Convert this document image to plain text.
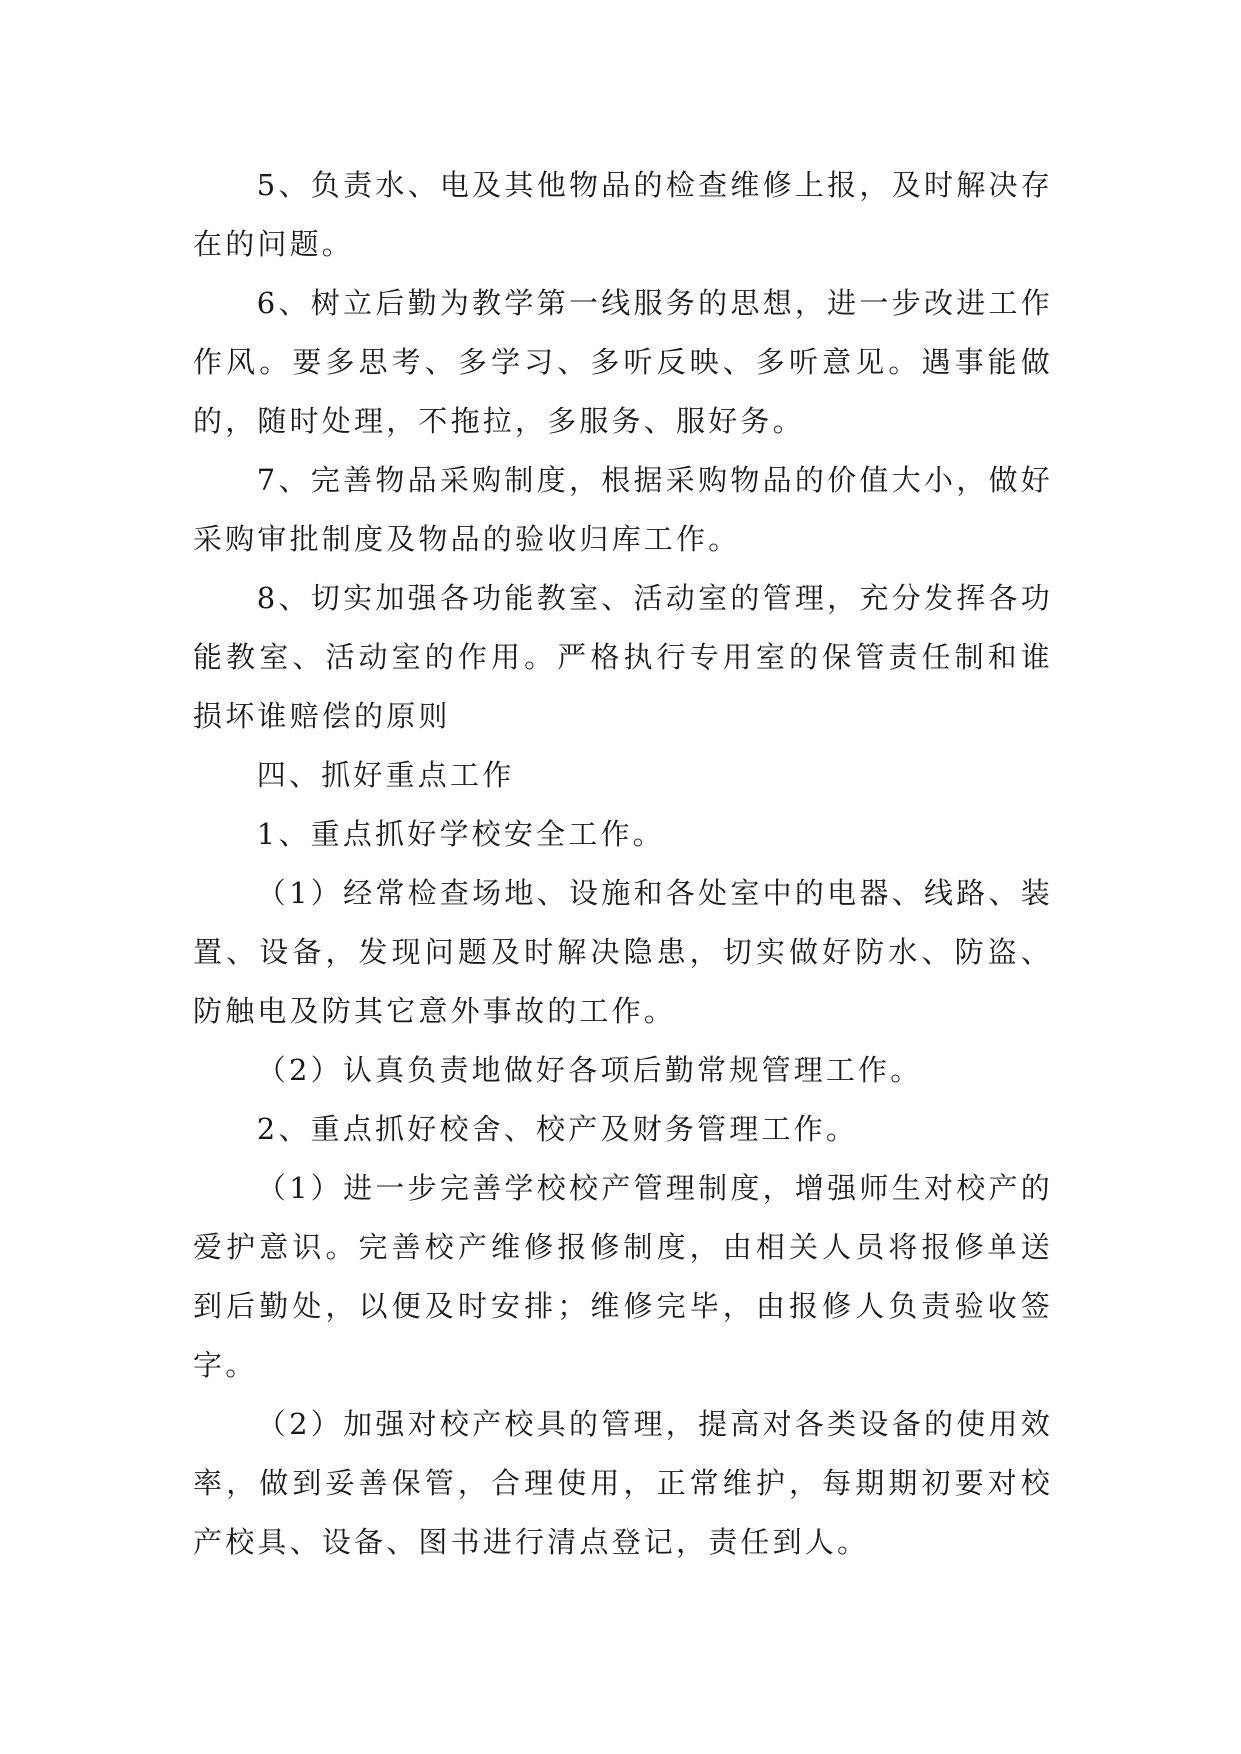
5、负责水、电及其他物品的检查维修上报，及时解决存在的问题。

6、树立后勤为教学第一线服务的思想，进一步改进工作作风。要多思考、多学习、多听反映、多听意见。遇事能做的，随时处理，不拖拉，多服务、服好务。

7、完善物品采购制度，根据采购物品的价值大小，做好采购审批制度及物品的验收归库工作。

8、切实加强各功能教室、活动室的管理，充分发挥各功能教室、活动室的作用。严格执行专用室的保管责任制和谁损坏谁赔偿的原则

四、抓好重点工作

1、重点抓好学校安全工作。

（1）经常检查场地、设施和各处室中的电器、线路、装置、设备，发现问题及时解决隐患，切实做好防水、防盗、防触电及防其它意外事故的工作。

（2）认真负责地做好各项后勤常规管理工作。

2、重点抓好校舍、校产及财务管理工作。

（1）进一步完善学校校产管理制度，增强师生对校产的爱护意识。完善校产维修报修制度，由相关人员将报修单送到后勤处，以便及时安排；维修完毕，由报修人负责验收签字。

（2）加强对校产校具的管理，提高对各类设备的使用效率，做到妥善保管，合理使用，正常维护，每期期初要对校产校具、设备、图书进行清点登记，责任到人。
